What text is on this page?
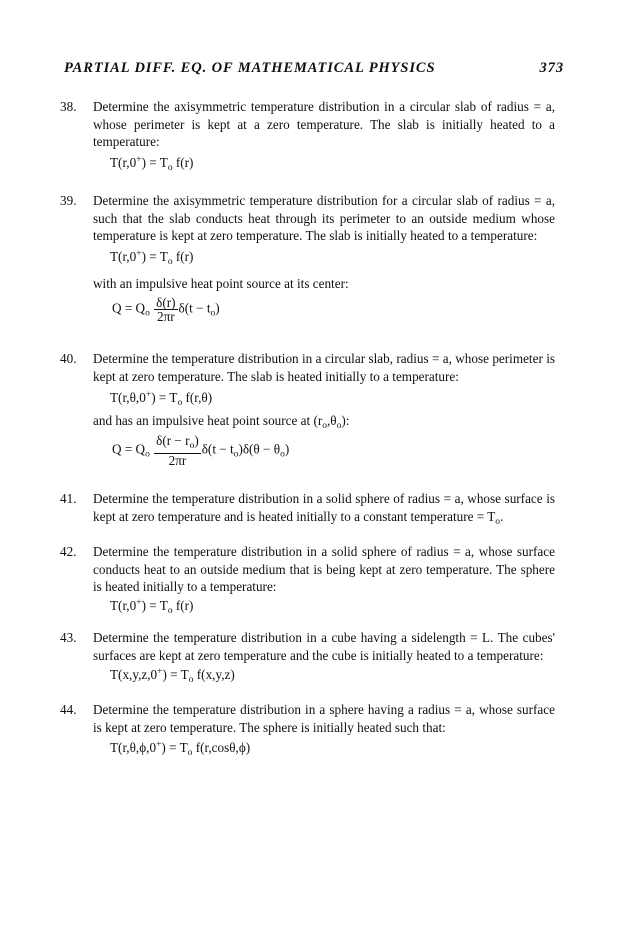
PARTIAL DIFF. EQ. OF MATHEMATICAL PHYSICS	373
38. Determine the axisymmetric temperature distribution in a circular slab of radius = a, whose perimeter is kept at a zero temperature. The slab is initially heated to a temperature:

$T(r,0^+) = T_o$ f(r)
39. Determine the axisymmetric temperature distribution for a circular slab of radius = a, such that the slab conducts heat through its perimeter to an outside medium whose temperature is kept at zero temperature. The slab is initially heated to a temperature:

$T(r,0^+) = T_o$ f(r)
with an impulsive heat point source at its center:
$Q = Q_o \frac{\delta(r)}{2\pi r} \delta(t - t_o)$
40. Determine the temperature distribution in a circular slab, radius = a, whose perimeter is kept at zero temperature. The slab is heated initially to a temperature:

$T(r,\theta,0^+) = T_o$ f(r,θ)
and has an impulsive heat point source at $(r_o,\theta_o)$:
$Q = Q_o \frac{\delta(r - r_o)}{2\pi r} \delta(t - t_o)\delta(\theta - \theta_o)$
41. Determine the temperature distribution in a solid sphere of radius = a, whose surface is kept at zero temperature and is heated initially to a constant temperature = $T_o$.

42. Determine the temperature distribution in a solid sphere of radius = a, whose surface conducts heat to an outside medium that is being kept at zero temperature. The sphere is heated initially to a temperature:

$T(r,0^+) = T_o$ f(r)
43. Determine the temperature distribution in a cube having a sidelength = L. The cubes' surfaces are kept at zero temperature and the cube is initially heated to a temperature:

$T(x,y,z,0^+) = T_o$ f(x,y,z)
44. Determine the temperature distribution in a sphere having a radius = a, whose surface is kept at zero temperature. The sphere is initially heated such that:

$T(r,\theta,\phi,0^+) = T_o$ f(r,cosθ,ϕ)
